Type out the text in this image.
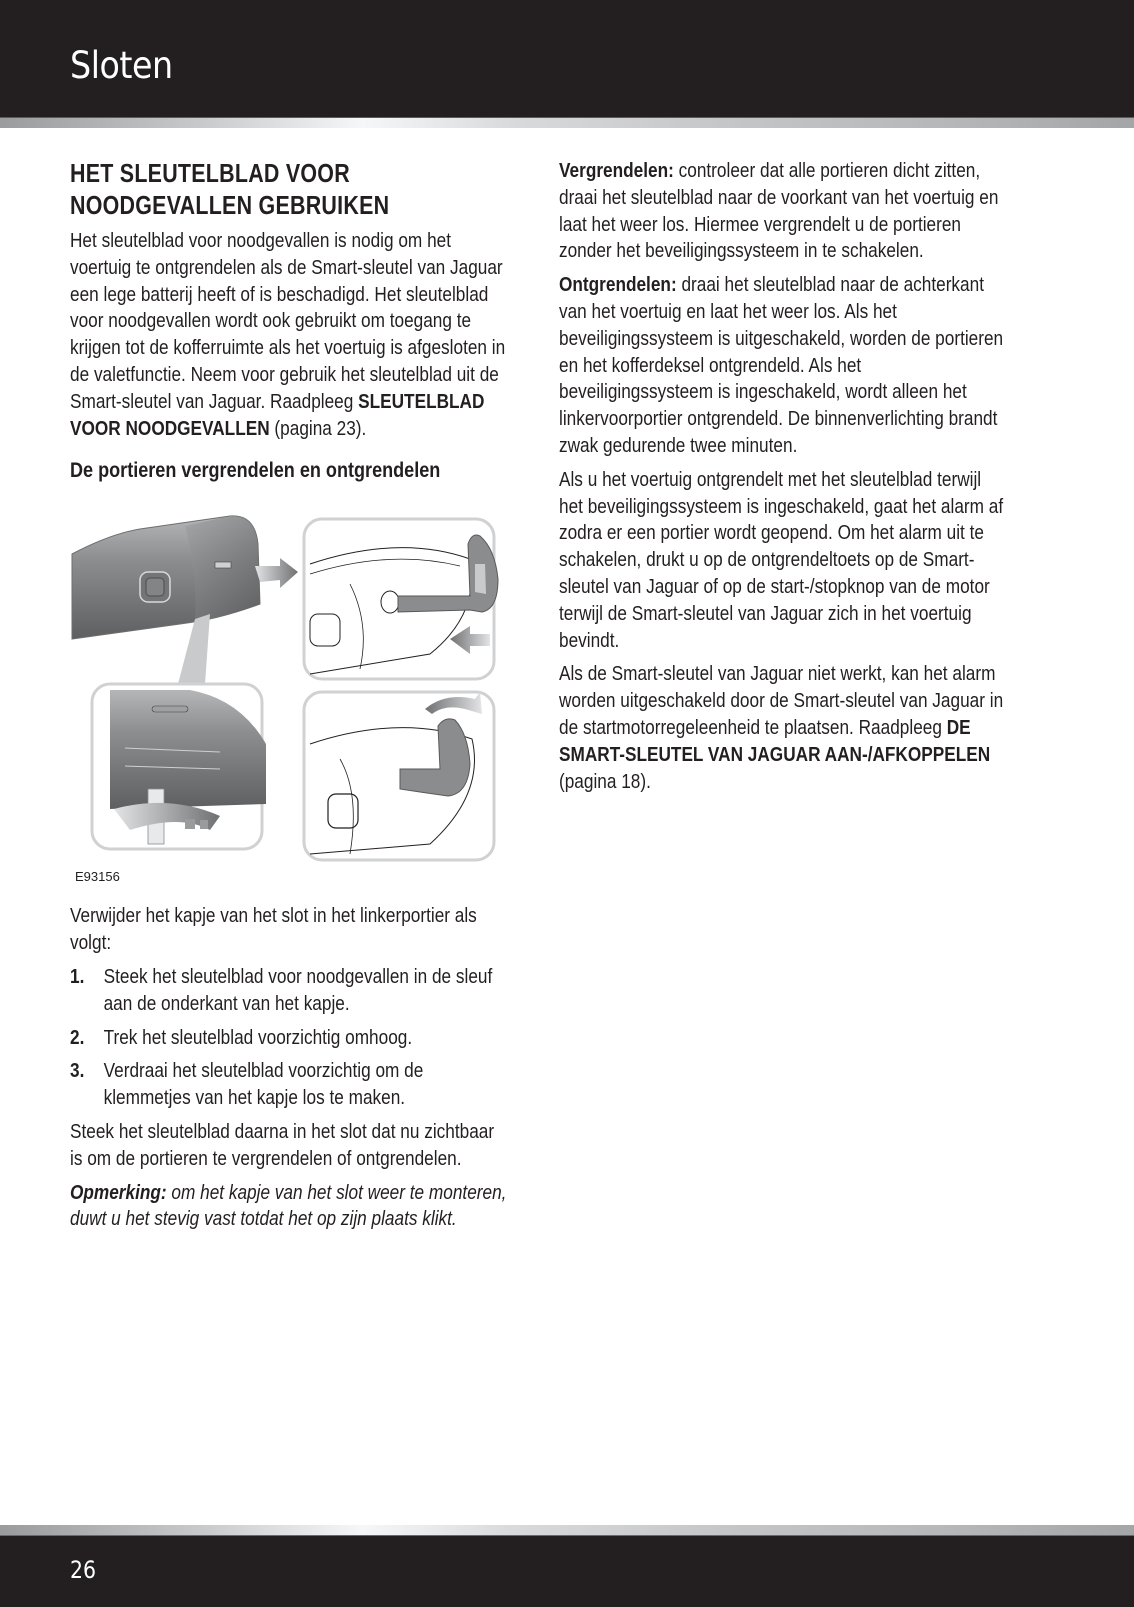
Sloten
HET SLEUTELBLAD VOOR
NOODGEVALLEN GEBRUIKEN

Het sleutelblad voor noodgevallen is nodig om het voertuig te ontgrendelen als de Smart-sleutel van Jaguar een lege batterij heeft of is beschadigd. Het sleutelblad voor noodgevallen wordt ook gebruikt om toegang te krijgen tot de kofferruimte als het voertuig is afgesloten in de valetfunctie. Neem voor gebruik het sleutelblad uit de Smart-sleutel van Jaguar. Raadpleeg SLEUTELBLAD VOOR NOODGEVALLEN (pagina 23).

De portieren vergrendelen en ontgrendelen
E93156

Verwijder het kapje van het slot in het linkerportier als volgt:

1. Steek het sleutelblad voor noodgevallen in de sleuf aan de onderkant van het kapje.
2. Trek het sleutelblad voorzichtig omhoog.
3. Verdraai het sleutelblad voorzichtig om de klemmetjes van het kapje los te maken.

Steek het sleutelblad daarna in het slot dat nu zichtbaar is om de portieren te vergrendelen of ontgrendelen.

Opmerking: om het kapje van het slot weer te monteren, duwt u het stevig vast totdat het op zijn plaats klikt.

Vergrendelen: controleer dat alle portieren dicht zitten, draai het sleutelblad naar de voorkant van het voertuig en laat het weer los. Hiermee vergrendelt u de portieren zonder het beveiligingssysteem in te schakelen.

Ontgrendelen: draai het sleutelblad naar de achterkant van het voertuig en laat het weer los. Als het beveiligingssysteem is uitgeschakeld, worden de portieren en het kofferdeksel ontgrendeld. Als het beveiligingssysteem is ingeschakeld, wordt alleen het linkervoorportier ontgrendeld. De binnenverlichting brandt zwak gedurende twee minuten.

Als u het voertuig ontgrendelt met het sleutelblad terwijl het beveiligingssysteem is ingeschakeld, gaat het alarm af zodra er een portier wordt geopend. Om het alarm uit te schakelen, drukt u op de ontgrendeltoets op de Smart-sleutel van Jaguar of op de start-/stopknop van de motor terwijl de Smart-sleutel van Jaguar zich in het voertuig bevindt.

Als de Smart-sleutel van Jaguar niet werkt, kan het alarm worden uitgeschakeld door de Smart-sleutel van Jaguar in de startmotorregeleenheid te plaatsen. Raadpleeg DE SMART-SLEUTEL VAN JAGUAR AAN-/AFKOPPELEN (pagina 18).

26
